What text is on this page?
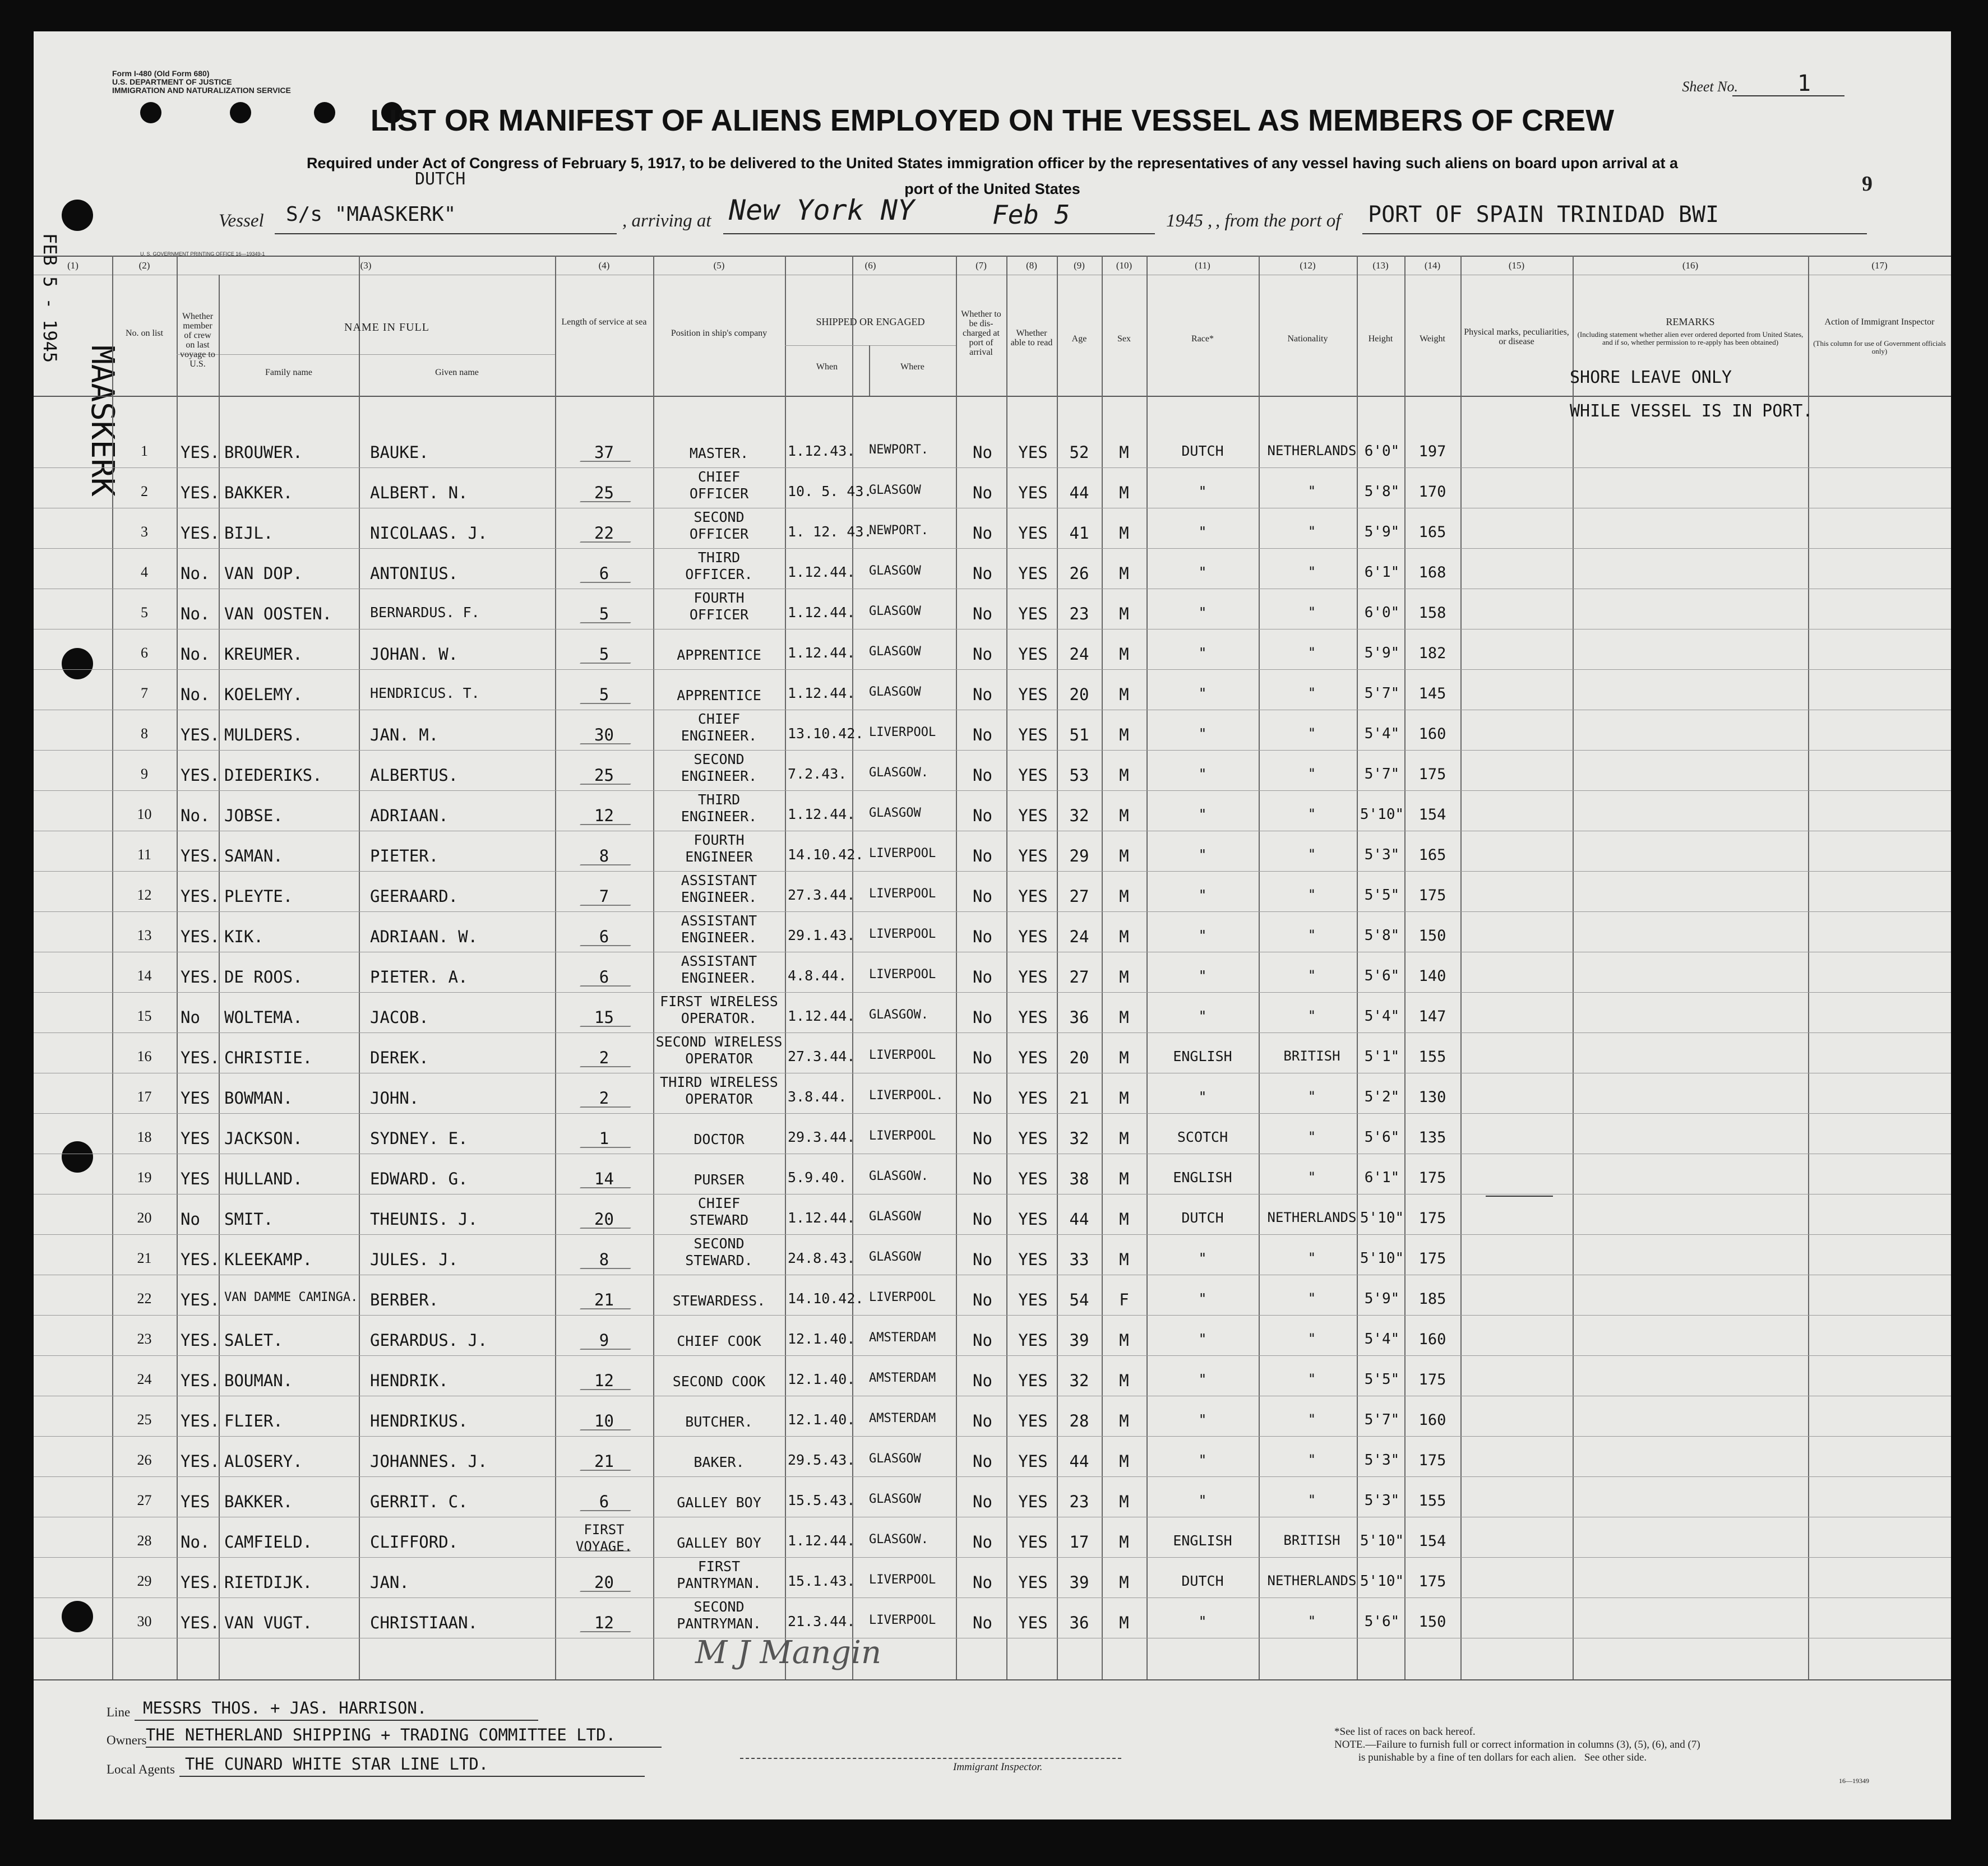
FEB 5 - 1945
MAASKERK
Form I-480 (Old Form 680)
U.S. DEPARTMENT OF JUSTICE
IMMIGRATION AND NATURALIZATION SERVICE	Sheet No.	1
LIST OR MANIFEST OF ALIENS EMPLOYED ON THE VESSEL AS MEMBERS OF CREW
Required under Act of Congress of February 5, 1917, to be delivered to the United States immigration officer by the representatives of any vessel having such aliens on board upon arrival at a
port of the United States	9
DUTCH
Vessel S/s "MAASKERK"	, arriving at New York NY	Feb 5	1945 , , from the port of PORT OF SPAIN TRINIDAD BWI
U. S. GOVERNMENT PRINTING OFFICE 16—19349-1
(1)	(2)	(3)	(4)	(5)	(6)	(7)	(8)	(9)	(10)	(11)	(12)	(13)	(14)	(15)	(16)	(17)
No. on list
Whether member of crew on last voyage to U.S.
NAME IN FULL
Family name	Given name
Length of service at sea
Position in ship's company
SHIPPED OR ENGAGED
When	Where
Whether to be dis-charged at port of arrival
Whether able to read	Age	Sex	Race*	Nationality	Height	Weight
Physical marks, peculiarities, or disease
REMARKS
(Including statement whether alien ever ordered deported from United States, and if so, whether permission to re-apply has been obtained)
Action of Immigrant Inspector
(This column for use of Government officials only)
1	YES. BROUWER.	BAUKE.	37	MASTER.	1.12.43.	NEWPORT.	No	YES	52	M	DUTCH	NETHERLANDS 6'0"	197
2	YES. BAKKER.	ALBERT. N.	25
CHIEF
OFFICER	10. 5. 43.
GLASGOW	No	YES	44	M	"	"	5'8"	170
3	YES. BIJL.	NICOLAAS. J.	22
SECOND
OFFICER	1. 12. 43.
NEWPORT.	No	YES	41	M	"	"	5'9"	165
4	No. VAN DOP.	ANTONIUS.	6
THIRD
OFFICER.	1.12.44.	GLASGOW	No	YES	26	M	"	"	6'1"	168
5	No. VAN OOSTEN.	BERNARDUS. F.	5
FOURTH
OFFICER	1.12.44.	GLASGOW	No	YES	23	M	"	"	6'0"	158
6	No. KREUMER.	JOHAN. W.	5	APPRENTICE	1.12.44.	GLASGOW	No	YES	24	M	"	"	5'9"	182
7	No. KOELEMY.	HENDRICUS. T.	5	APPRENTICE	1.12.44.	GLASGOW	No	YES	20	M	"	"	5'7"	145
8	YES. MULDERS.	JAN. M.	30
CHIEF
ENGINEER.	13.10.42. LIVERPOOL	No	YES	51	M	"	"	5'4"	160
9	YES. DIEDERIKS.	ALBERTUS.	25
SECOND
ENGINEER.	7.2.43.	GLASGOW.	No	YES	53	M	"	"	5'7"	175
10	No. JOBSE.	ADRIAAN.	12
THIRD
ENGINEER.	1.12.44.	GLASGOW	No	YES	32	M	"	"	5'10" 154
11	YES. SAMAN.	PIETER.	8
FOURTH
ENGINEER	14.10.42. LIVERPOOL	No	YES	29	M	"	"	5'3"	165
12	YES. PLEYTE.	GEERAARD.	7
ASSISTANT
ENGINEER.	27.3.44.	LIVERPOOL	No	YES	27	M	"	"	5'5"	175
13	YES. KIK.	ADRIAAN. W.	6
ASSISTANT
ENGINEER.	29.1.43.	LIVERPOOL	No	YES	24	M	"	"	5'8"	150
14	YES. DE ROOS.	PIETER. A.	6
ASSISTANT
ENGINEER.	4.8.44.	LIVERPOOL	No	YES	27	M	"	"	5'6"	140
15	No	WOLTEMA.	JACOB.	15
FIRST WIRELESS
OPERATOR.	1.12.44.	GLASGOW.	No	YES	36	M	"	"	5'4"	147
16	YES. CHRISTIE.	DEREK.	2
SECOND WIRELESS
OPERATOR	27.3.44.	LIVERPOOL	No	YES	20	M	ENGLISH	BRITISH	5'1"	155
17	YES BOWMAN.	JOHN.	2
THIRD WIRELESS
OPERATOR	3.8.44.	LIVERPOOL.	No	YES	21	M	"	"	5'2"	130
18	YES JACKSON.	SYDNEY. E.	1	DOCTOR	29.3.44.	LIVERPOOL	No	YES	32	M	SCOTCH	"	5'6"	135
19	YES HULLAND.	EDWARD. G.	14	PURSER	5.9.40.	GLASGOW.	No	YES	38	M	ENGLISH	"	6'1"	175
20	No	SMIT.	THEUNIS. J.	20
CHIEF
STEWARD	1.12.44.	GLASGOW	No	YES	44	M	DUTCH	NETHERLANDS 5'10" 175
21	YES. KLEEKAMP.	JULES. J.	8
SECOND
STEWARD.	24.8.43.	GLASGOW	No	YES	33	M	"	"	5'10" 175
22	YES. VAN DAMME CAMINGA. BERBER.	21	STEWARDESS.	14.10.42. LIVERPOOL	No	YES	54	F	"	"	5'9"	185
23	YES. SALET.	GERARDUS. J.	9	CHIEF COOK	12.1.40.	AMSTERDAM	No	YES	39	M	"	"	5'4"	160
24	YES. BOUMAN.	HENDRIK.	12	SECOND COOK	12.1.40.	AMSTERDAM	No	YES	32	M	"	"	5'5"	175
25	YES. FLIER.	HENDRIKUS.	10	BUTCHER.	12.1.40.	AMSTERDAM	No	YES	28	M	"	"	5'7"	160
26	YES. ALOSERY.	JOHANNES. J.	21	BAKER.	29.5.43.	GLASGOW	No	YES	44	M	"	"	5'3"	175
27	YES BAKKER.	GERRIT. C.	6	GALLEY BOY	15.5.43.	GLASGOW	No	YES	23	M	"	"	5'3"	155
28	No. CAMFIELD.	CLIFFORD.
FIRST VOYAGE.	GALLEY BOY	1.12.44.	GLASGOW.	No	YES	17	M	ENGLISH	BRITISH	5'10" 154
29	YES. RIETDIJK.	JAN.	20
FIRST
PANTRYMAN.	15.1.43.	LIVERPOOL	No	YES	39	M	DUTCH	NETHERLANDS 5'10" 175
30	YES. VAN VUGT.	CHRISTIAAN.	12
SECOND
PANTRYMAN.	21.3.44.	LIVERPOOL	No	YES	36	M	"	"	5'6"	150
SHORE LEAVE ONLY
WHILE VESSEL IS IN PORT.
M J Mangin
Line MESSRS THOS. + JAS. HARRISON.
Owners
THE NETHERLAND SHIPPING + TRADING COMMITTEE LTD.
Local Agents THE CUNARD WHITE STAR LINE LTD.	Immigrant Inspector.
*See list of races on back hereof.
NOTE.—Failure to furnish full or correct information in columns (3), (5), (6), and (7)
is punishable by a fine of ten dollars for each alien.   See other side.
16—19349
